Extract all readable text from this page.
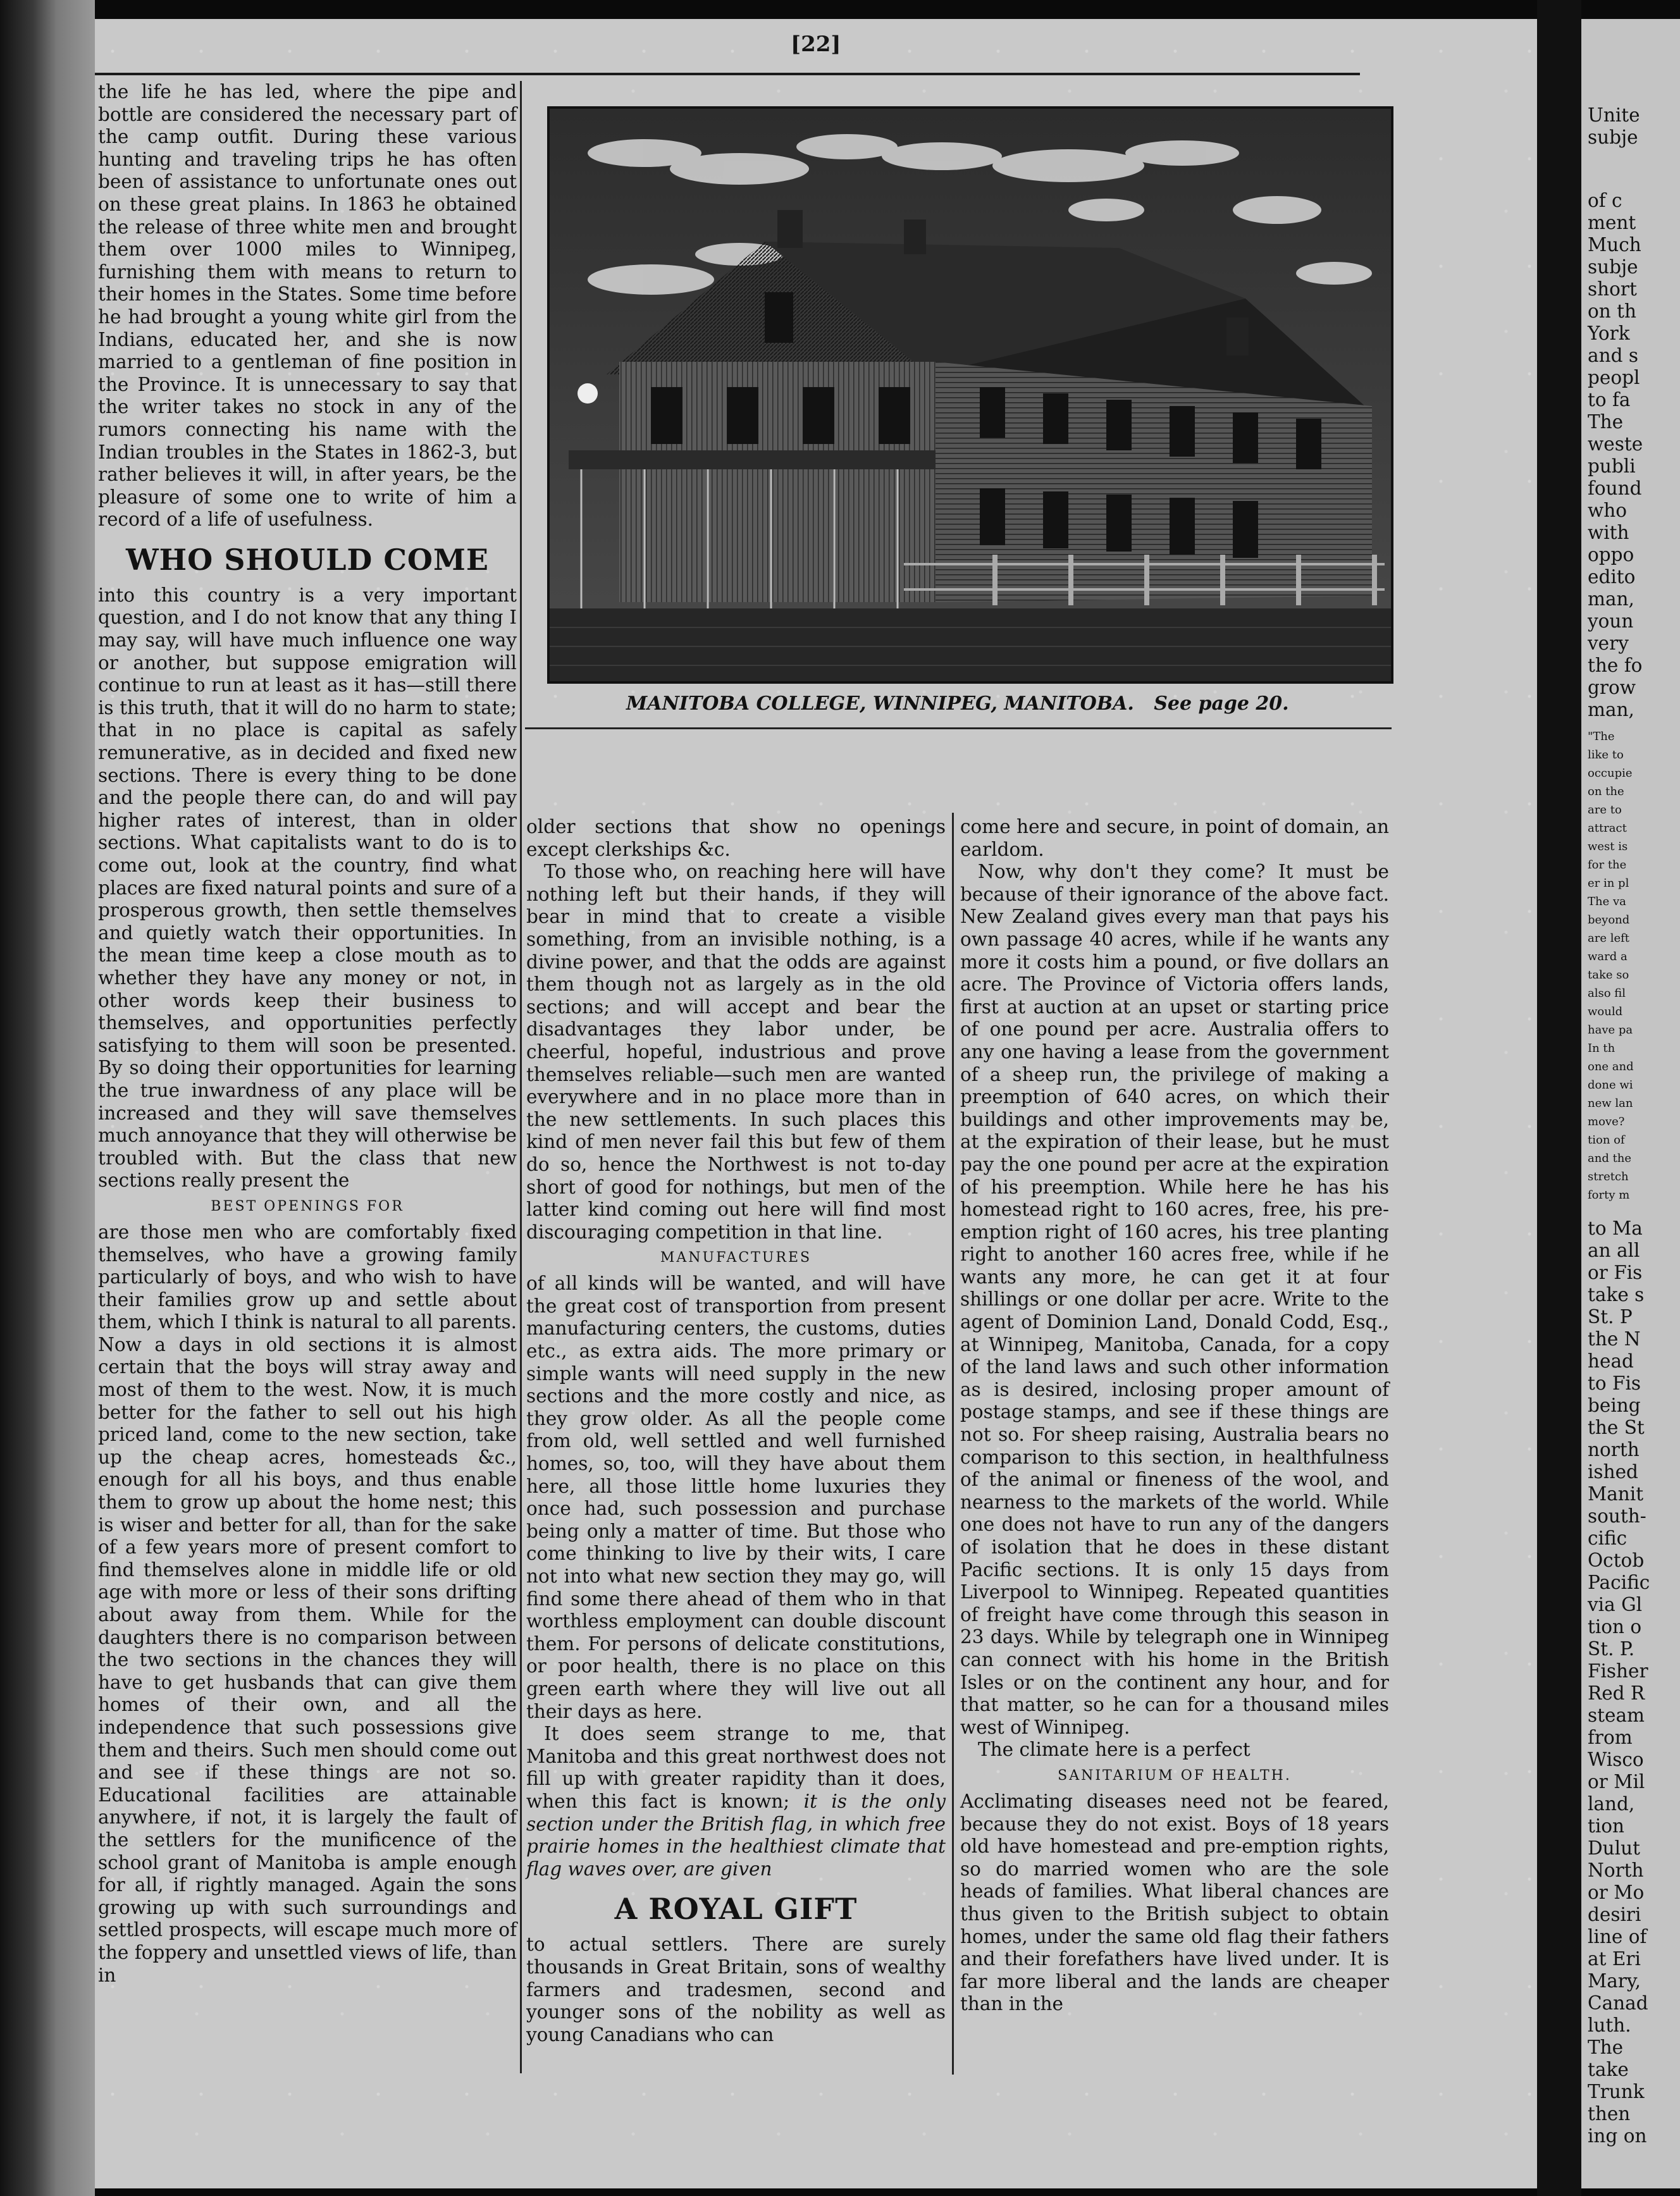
[22]

the life he has led, where the pipe and bottle are considered the necessary part of the camp outfit. During these various hunting and traveling trips he has often been of assistance to unfortunate ones out on these great plains. In 1863 he obtained the release of three white men and brought them over 1000 miles to Winnipeg, furnishing them with means to return to their homes in the States. Some time before he had brought a young white girl from the Indians, educated her, and she is now married to a gentleman of fine position in the Province. It is unnecessary to say that the writer takes no stock in any of the rumors connecting his name with the Indian troubles in the States in 1862-3, but rather believes it will, in after years, be the pleasure of some one to write of him a record of a life of usefulness.

WHO SHOULD COME

into this country is a very important question, and I do not know that any thing I may say, will have much influence one way or another, but suppose emigration will continue to run at least as it has—still there is this truth, that it will do no harm to state; that in no place is capital as safely remunerative, as in decided and fixed new sections. There is every thing to be done and the people there can, do and will pay higher rates of interest, than in older sections. What capitalists want to do is to come out, look at the country, find what places are fixed natural points and sure of a prosperous growth, then settle themselves and quietly watch their opportunities. In the mean time keep a close mouth as to whether they have any money or not, in other words keep their business to themselves, and opportunities perfectly satisfying to them will soon be presented. By so doing their opportunities for learning the true inwardness of any place will be increased and they will save themselves much annoyance that they will otherwise be troubled with. But the class that new sections really present the

BEST OPENINGS FOR

are those men who are comfortably fixed themselves, who have a growing family particularly of boys, and who wish to have their families grow up and settle about them, which I think is natural to all parents. Now a days in old sections it is almost certain that the boys will stray away and most of them to the west. Now, it is much better for the father to sell out his high priced land, come to the new section, take up the cheap acres, homesteads &c., enough for all his boys, and thus enable them to grow up about the home nest; this is wiser and better for all, than for the sake of a few years more of present comfort to find themselves alone in middle life or old age with more or less of their sons drifting about away from them. While for the daughters there is no comparison between the two sections in the chances they will have to get husbands that can give them homes of their own, and all the independence that such possessions give them and theirs. Such men should come out and see if these things are not so. Educational facilities are attainable anywhere, if not, it is largely the fault of the settlers for the munificence of the school grant of Manitoba is ample enough for all, if rightly managed. Again the sons growing up with such surroundings and settled prospects, will escape much more of the foppery and unsettled views of life, than in

MANITOBA COLLEGE, WINNIPEG, MANITOBA. See page 20.

older sections that show no openings except clerkships &c.

To those who, on reaching here will have nothing left but their hands, if they will bear in mind that to create a visible something, from an invisible nothing, is a divine power, and that the odds are against them though not as largely as in the old sections; and will accept and bear the disadvantages they labor under, be cheerful, hopeful, industrious and prove themselves reliable—such men are wanted everywhere and in no place more than in the new settlements. In such places this kind of men never fail this but few of them do so, hence the Northwest is not to-day short of good for nothings, but men of the latter kind coming out here will find most discouraging competition in that line.

MANUFACTURES

of all kinds will be wanted, and will have the great cost of transportion from present manufacturing centers, the customs, duties etc., as extra aids. The more primary or simple wants will need supply in the new sections and the more costly and nice, as they grow older. As all the people come from old, well settled and well furnished homes, so, too, will they have about them here, all those little home luxuries they once had, such possession and purchase being only a matter of time. But those who come thinking to live by their wits, I care not into what new section they may go, will find some there ahead of them who in that worthless employment can double discount them. For persons of delicate constitutions, or poor health, there is no place on this green earth where they will live out all their days as here.

It does seem strange to me, that Manitoba and this great northwest does not fill up with greater rapidity than it does, when this fact is known; it is the only section under the British flag, in which free prairie homes in the healthiest climate that flag waves over, are given

A ROYAL GIFT

to actual settlers. There are surely thousands in Great Britain, sons of wealthy farmers and tradesmen, second and younger sons of the nobility as well as young Canadians who can

come here and secure, in point of domain, an earldom.

Now, why don't they come? It must be because of their ignorance of the above fact. New Zealand gives every man that pays his own passage 40 acres, while if he wants any more it costs him a pound, or five dollars an acre. The Province of Victoria offers lands, first at auction at an upset or starting price of one pound per acre. Australia offers to any one having a lease from the government of a sheep run, the privilege of making a preemption of 640 acres, on which their buildings and other improvements may be, at the expiration of their lease, but he must pay the one pound per acre at the expiration of his preemption. While here he has his homestead right to 160 acres, free, his pre-emption right of 160 acres, his tree planting right to another 160 acres free, while if he wants any more, he can get it at four shillings or one dollar per acre. Write to the agent of Dominion Land, Donald Codd, Esq., at Winnipeg, Manitoba, Canada, for a copy of the land laws and such other information as is desired, inclosing proper amount of postage stamps, and see if these things are not so. For sheep raising, Australia bears no comparison to this section, in healthfulness of the animal or fineness of the wool, and nearness to the markets of the world. While one does not have to run any of the dangers of isolation that he does in these distant Pacific sections. It is only 15 days from Liverpool to Winnipeg. Repeated quantities of freight have come through this season in 23 days. While by telegraph one in Winnipeg can connect with his home in the British Isles or on the continent any hour, and for that matter, so he can for a thousand miles west of Winnipeg.

The climate here is a perfect

SANITARIUM OF HEALTH.

Acclimating diseases need not be feared, because they do not exist. Boys of 18 years old have homestead and pre-emption rights, so do married women who are the sole heads of families. What liberal chances are thus given to the British subject to obtain homes, under the same old flag their fathers and their forefathers have lived under. It is far more liberal and the lands are cheaper than in the

Unite
subje
of c
ment
Much
subje
short
on th
York
and s
peopl
to fa
The
weste
publi
found
who
with
oppo
edito
man,
youn
very
the fo
grow
man,
"The
like to
occupie
on the
are to
attract
west is
for the
er in pl
The va
beyond
are left
ward a
take so
also fil
would
have pa
In th
one and
done wi
new lan
move?
tion of
and the
stretch
forty m
to Ma
an all
or Fis
take s
St. P
the N
head
to Fis
being
the St
north
ished
Manit
south-
cific
Octob
Pacific
via Gl
tion o
St. P.
Fisher
Red R
steam
from
Wisco
or Mil
land,
tion
Dulut
North
or Mo
desiri
line of
at Eri
Mary,
Canad
luth.
The
take
Trunk
then
ing on
